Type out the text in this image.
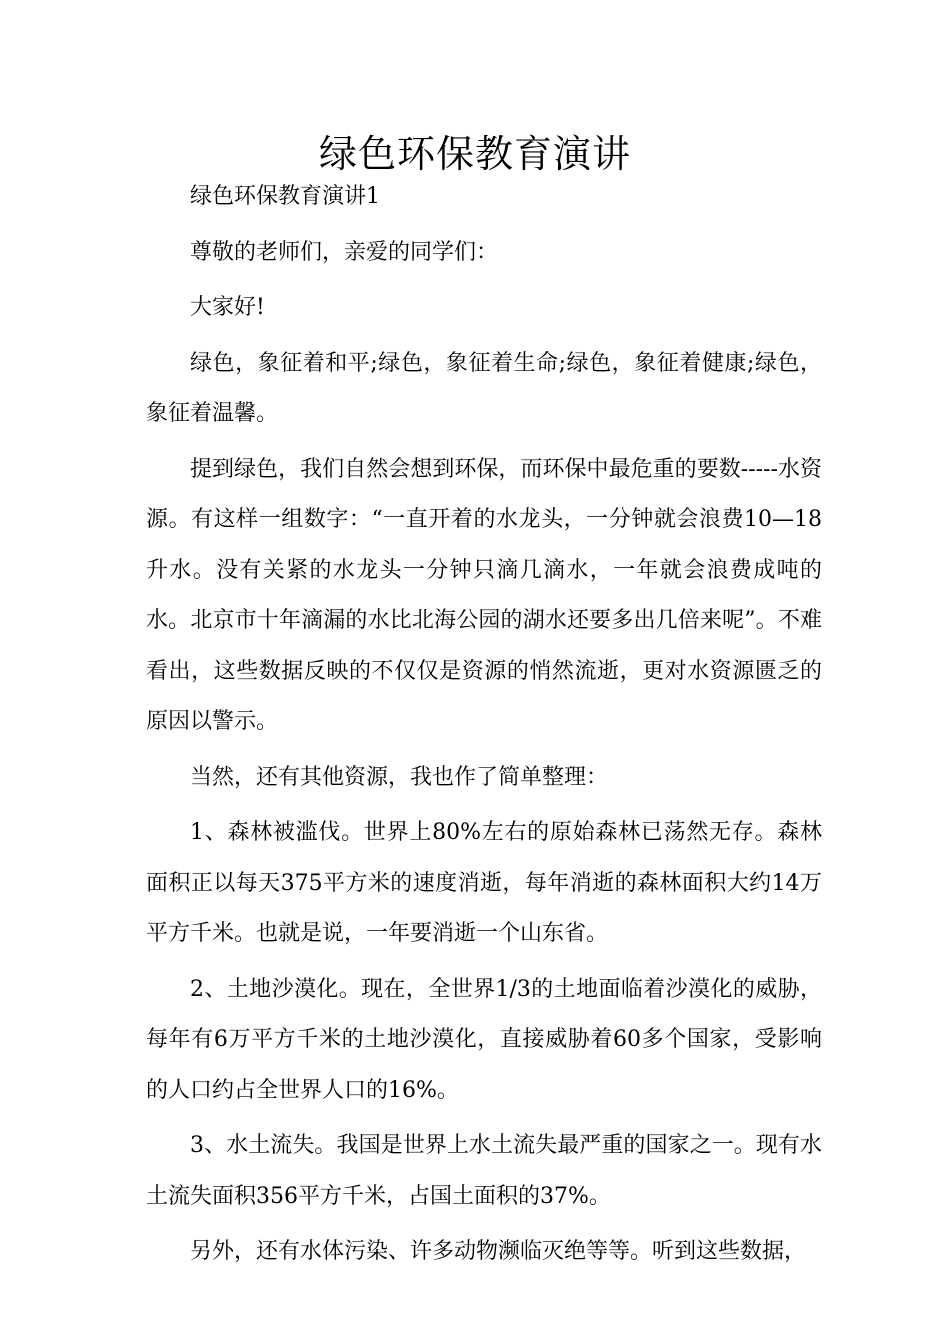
绿色环保教育演讲

绿色环保教育演讲1

尊敬的老师们，亲爱的同学们：

大家好!

绿色，象征着和平;绿色，象征着生命;绿色，象征着健康;绿色，象征着温馨。

提到绿色，我们自然会想到环保，而环保中最危重的要数-----水资源。有这样一组数字：“一直开着的水龙头，一分钟就会浪费10—18升水。没有关紧的水龙头一分钟只滴几滴水，一年就会浪费成吨的水。北京市十年滴漏的水比北海公园的湖水还要多出几倍来呢”。不难看出，这些数据反映的不仅仅是资源的悄然流逝，更对水资源匮乏的原因以警示。

当然，还有其他资源，我也作了简单整理：

1、森林被滥伐。世界上80%左右的原始森林已荡然无存。森林面积正以每天375平方米的速度消逝，每年消逝的森林面积大约14万平方千米。也就是说，一年要消逝一个山东省。

2、土地沙漠化。现在，全世界1/3的土地面临着沙漠化的威胁，每年有6万平方千米的土地沙漠化，直接威胁着60多个国家，受影响的人口约占全世界人口的16%。

3、水土流失。我国是世界上水土流失最严重的国家之一。现有水土流失面积356平方千米，占国土面积的37%。

另外，还有水体污染、许多动物濒临灭绝等等。听到这些数据，
